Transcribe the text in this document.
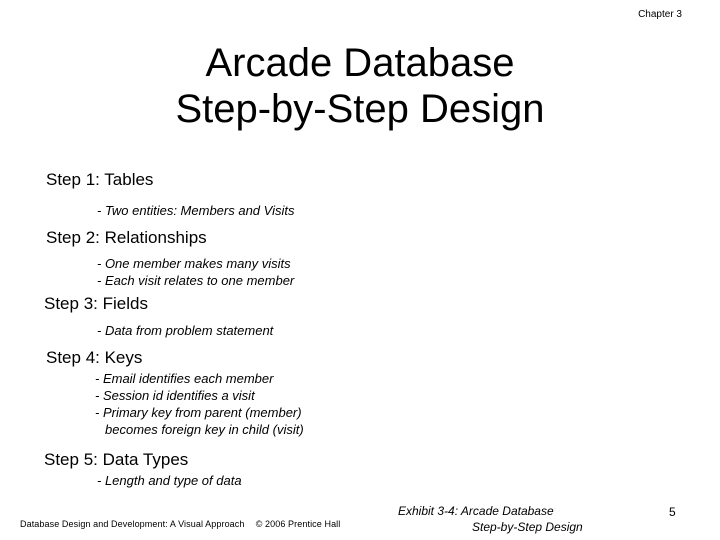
Chapter 3
Arcade Database
Step-by-Step Design
Step 1: Tables
- Two entities: Members and Visits
Step 2: Relationships
- One member makes many visits
- Each visit relates to one member
Step 3: Fields
- Data from problem statement
Step 4: Keys
- Email identifies each member
- Session id identifies a visit
- Primary key from parent (member)
becomes foreign key in child (visit)
Step 5: Data Types
- Length and type of data
Database Design and Development: A Visual Approach © 2006 Prentice Hall
Exhibit 3-4: Arcade Database
Step-by-Step Design
5
